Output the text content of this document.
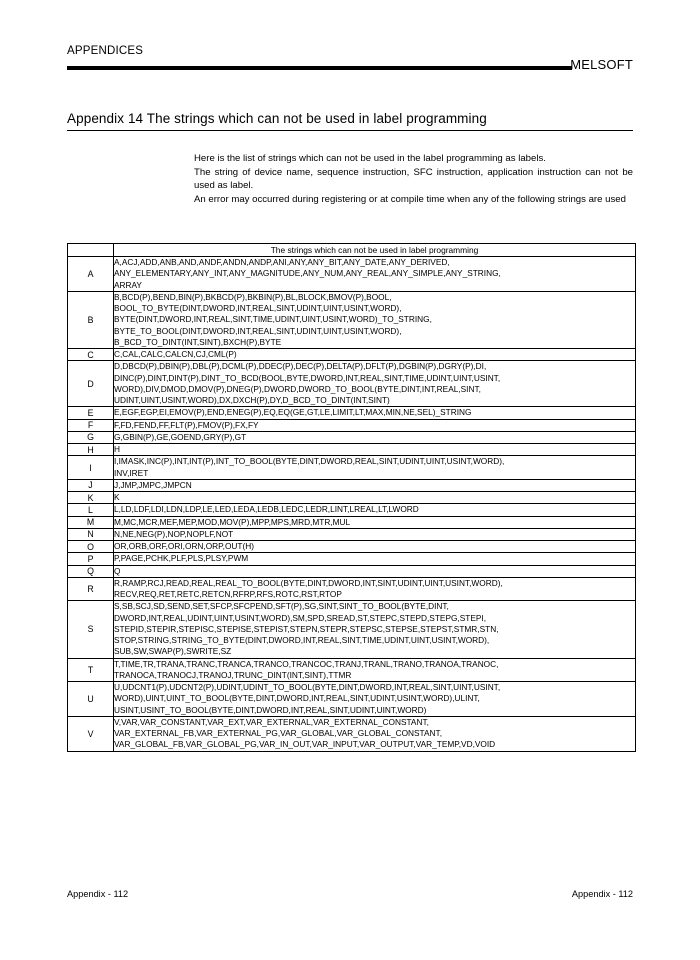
APPENDICES
MELSOFT
Appendix 14 The strings which can not be used in label programming

Here is the list of strings which can not be used in the label programming as labels.

The string of device name, sequence instruction, SFC instruction, application instruction can not be used as label.

An error may occurred during registering or at compile time when any of the following strings are used

	The strings which can not be used in label programming
A	A,ACJ,ADD,ANB,AND,ANDF,ANDN,ANDP,ANI,ANY,ANY_BIT,ANY_DATE,ANY_DERIVED,
ANY_ELEMENTARY,ANY_INT,ANY_MAGNITUDE,ANY_NUM,ANY_REAL,ANY_SIMPLE,ANY_STRING,
ARRAY

B	B,BCD(P),BEND,BIN(P),BKBCD(P),BKBIN(P),BL,BLOCK,BMOV(P),BOOL,
BOOL_TO_BYTE(DINT,DWORD,INT,REAL,SINT,UDINT,UINT,USINT,WORD),
BYTE(DINT,DWORD,INT,REAL,SINT,TIME,UDINT,UINT,USINT,WORD)_TO_STRING,
BYTE_TO_BOOL(DINT,DWORD,INT,REAL,SINT,UDINT,UINT,USINT,WORD),
B_BCD_TO_DINT(INT,SINT),BXCH(P),BYTE

C	C,CAL,CALC,CALCN,CJ,CML(P)

D	D,DBCD(P),DBIN(P),DBL(P),DCML(P),DDEC(P),DEC(P),DELTA(P),DFLT(P),DGBIN(P),DGRY(P),DI,
DINC(P),DINT,DINT(P),DINT_TO_BCD(BOOL,BYTE,DWORD,INT,REAL,SINT,TIME,UDINT,UINT,USINT,
WORD),DIV,DMOD,DMOV(P),DNEG(P),DWORD,DWORD_TO_BOOL(BYTE,DINT,INT,REAL,SINT,
UDINT,UINT,USINT,WORD),DX,DXCH(P),DY,D_BCD_TO_DINT(INT,SINT)

E	E,EGF,EGP,EI,EMOV(P),END,ENEG(P),EQ,EQ(GE,GT,LE,LIMIT,LT,MAX,MIN,NE,SEL)_STRING

F	F,FD,FEND,FF,FLT(P),FMOV(P),FX,FY

G	G,GBIN(P),GE,GOEND,GRY(P),GT

H	H

I	I,IMASK,INC(P),INT,INT(P),INT_TO_BOOL(BYTE,DINT,DWORD,REAL,SINT,UDINT,UINT,USINT,WORD),
INV,IRET

J	J,JMP,JMPC,JMPCN

K	K

L	L,LD,LDF,LDI,LDN,LDP,LE,LED,LEDA,LEDB,LEDC,LEDR,LINT,LREAL,LT,LWORD

M	M,MC,MCR,MEF,MEP,MOD,MOV(P),MPP,MPS,MRD,MTR,MUL

N	N,NE,NEG(P),NOP,NOPLF,NOT

O	OR,ORB,ORF,ORI,ORN,ORP,OUT(H)

P	P,PAGE,PCHK,PLF,PLS,PLSY,PWM

Q	Q

R	R,RAMP,RCJ,READ,REAL,REAL_TO_BOOL(BYTE,DINT,DWORD,INT,SINT,UDINT,UINT,USINT,WORD),
RECV,REQ,RET,RETC,RETCN,RFRP,RFS,ROTC,RST,RTOP

S	S,SB,SCJ,SD,SEND,SET,SFCP,SFCPEND,SFT(P),SG,SINT,SINT_TO_BOOL(BYTE,DINT,
DWORD,INT,REAL,UDINT,UINT,USINT,WORD),SM,SPD,SREAD,ST,STEPC,STEPD,STEPG,STEPI,
STEPID,STEPIR,STEPISC,STEPISE,STEPIST,STEPN,STEPR,STEPSC,STEPSE,STEPST,STMR,STN,
STOP,STRING,STRING_TO_BYTE(DINT,DWORD,INT,REAL,SINT,TIME,UDINT,UINT,USINT,WORD),
SUB,SW,SWAP(P),SWRITE,SZ

T	T,TIME,TR,TRANA,TRANC,TRANCA,TRANCO,TRANCOC,TRANJ,TRANL,TRANO,TRANOA,TRANOC,
TRANOCA,TRANOCJ,TRANOJ,TRUNC_DINT(INT,SINT),TTMR

U	U,UDCNT1(P),UDCNT2(P),UDINT,UDINT_TO_BOOL(BYTE,DINT,DWORD,INT,REAL,SINT,UINT,USINT,
WORD),UINT,UINT_TO_BOOL(BYTE,DINT,DWORD,INT,REAL,SINT,UDINT,USINT,WORD),ULINT,
USINT,USINT_TO_BOOL(BYTE,DINT,DWORD,INT,REAL,SINT,UDINT,UINT,WORD)

V	V,VAR,VAR_CONSTANT,VAR_EXT,VAR_EXTERNAL,VAR_EXTERNAL_CONSTANT,
VAR_EXTERNAL_FB,VAR_EXTERNAL_PG,VAR_GLOBAL,VAR_GLOBAL_CONSTANT,
VAR_GLOBAL_FB,VAR_GLOBAL_PG,VAR_IN_OUT,VAR_INPUT,VAR_OUTPUT,VAR_TEMP,VD,VOID
Appendix - 112	Appendix - 112
